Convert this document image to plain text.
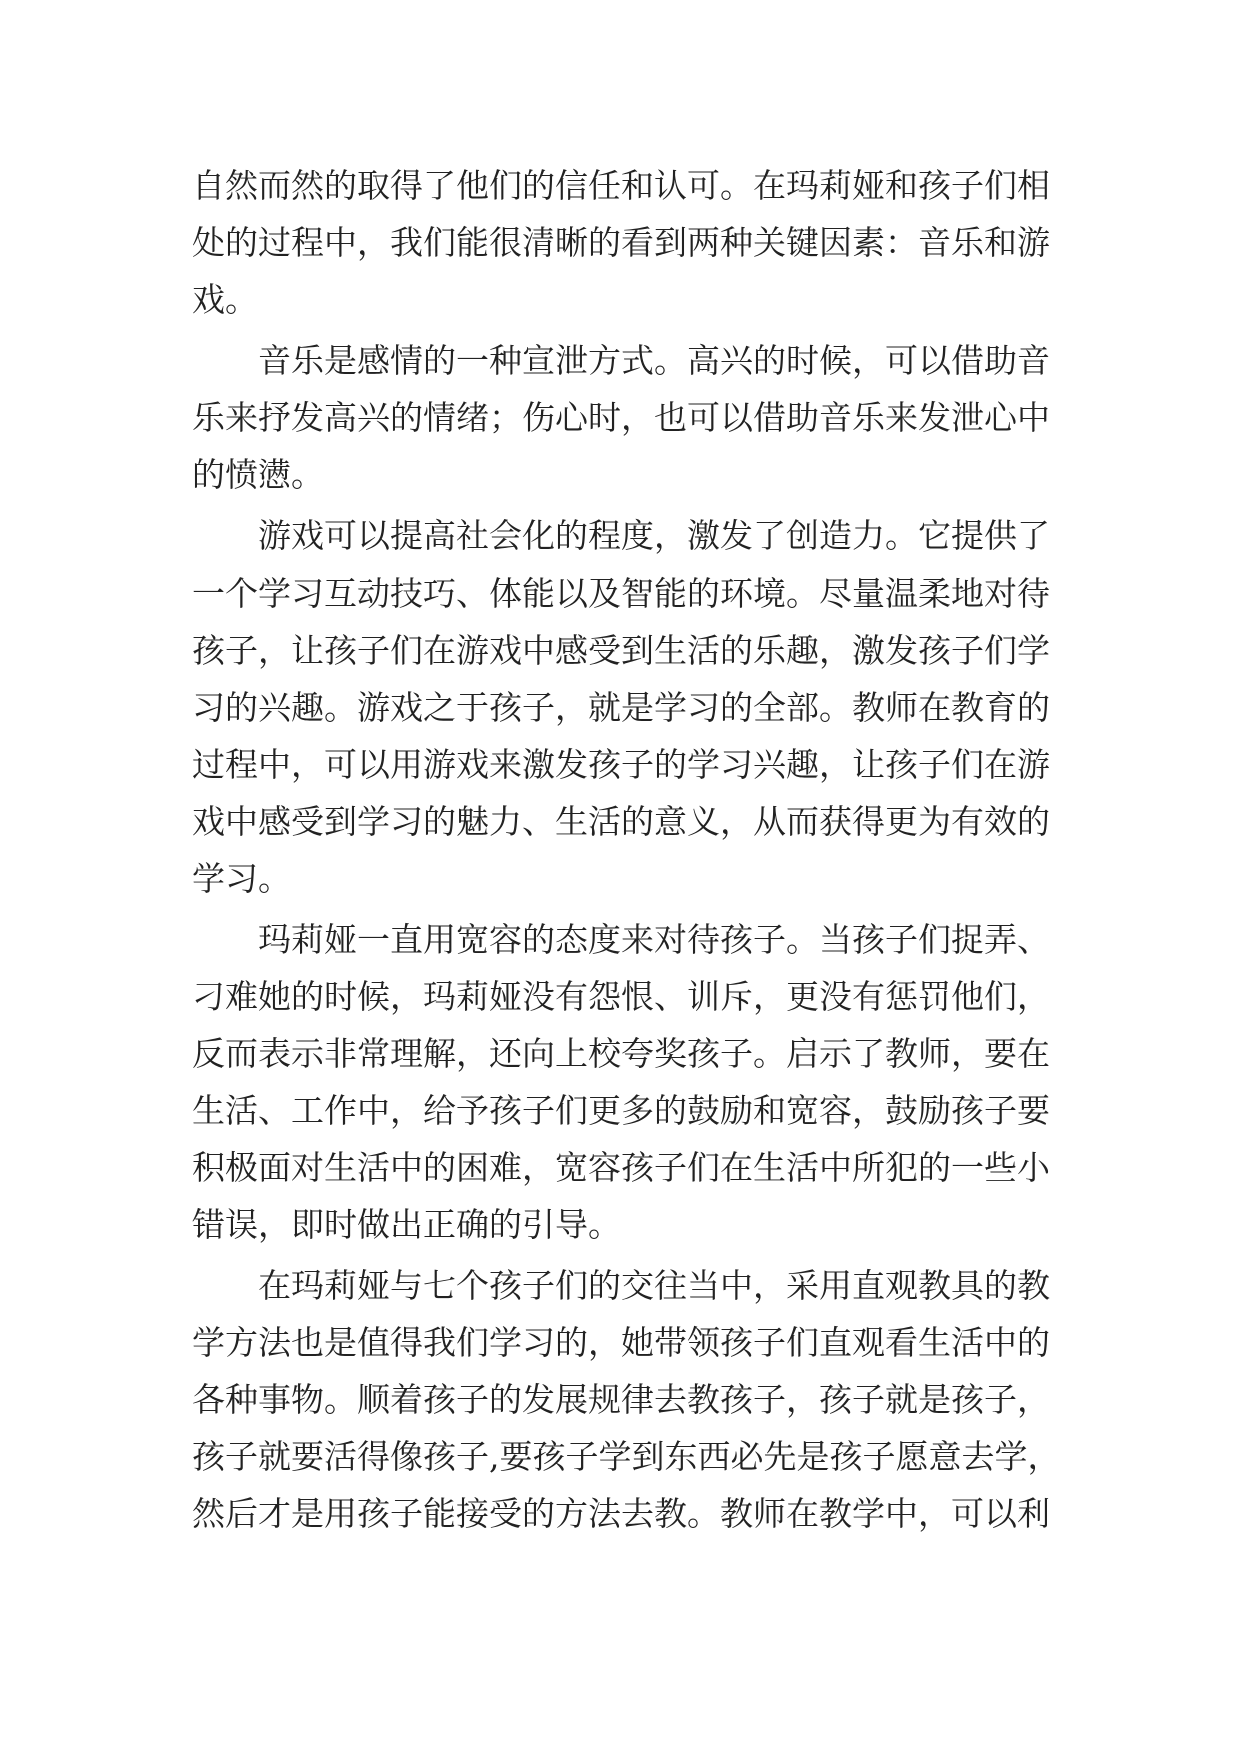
自然而然的取得了他们的信任和认可。在玛莉娅和孩子们相

处的过程中，我们能很清晰的看到两种关键因素：音乐和游

戏。

音乐是感情的一种宣泄方式。高兴的时候，可以借助音

乐来抒发高兴的情绪；伤心时，也可以借助音乐来发泄心中

的愤懑。

游戏可以提高社会化的程度，激发了创造力。它提供了

一个学习互动技巧、体能以及智能的环境。尽量温柔地对待

孩子，让孩子们在游戏中感受到生活的乐趣，激发孩子们学

习的兴趣。游戏之于孩子，就是学习的全部。教师在教育的

过程中，可以用游戏来激发孩子的学习兴趣，让孩子们在游

戏中感受到学习的魅力、生活的意义，从而获得更为有效的

学习。

玛莉娅一直用宽容的态度来对待孩子。当孩子们捉弄、

刁难她的时候，玛莉娅没有怨恨、训斥，更没有惩罚他们，

反而表示非常理解，还向上校夸奖孩子。启示了教师，要在

生活、工作中，给予孩子们更多的鼓励和宽容，鼓励孩子要

积极面对生活中的困难，宽容孩子们在生活中所犯的一些小

错误，即时做出正确的引导。

在玛莉娅与七个孩子们的交往当中，采用直观教具的教

学方法也是值得我们学习的，她带领孩子们直观看生活中的

各种事物。顺着孩子的发展规律去教孩子，孩子就是孩子，

孩子就要活得像孩子,要孩子学到东西必先是孩子愿意去学，

然后才是用孩子能接受的方法去教。教师在教学中，可以利
